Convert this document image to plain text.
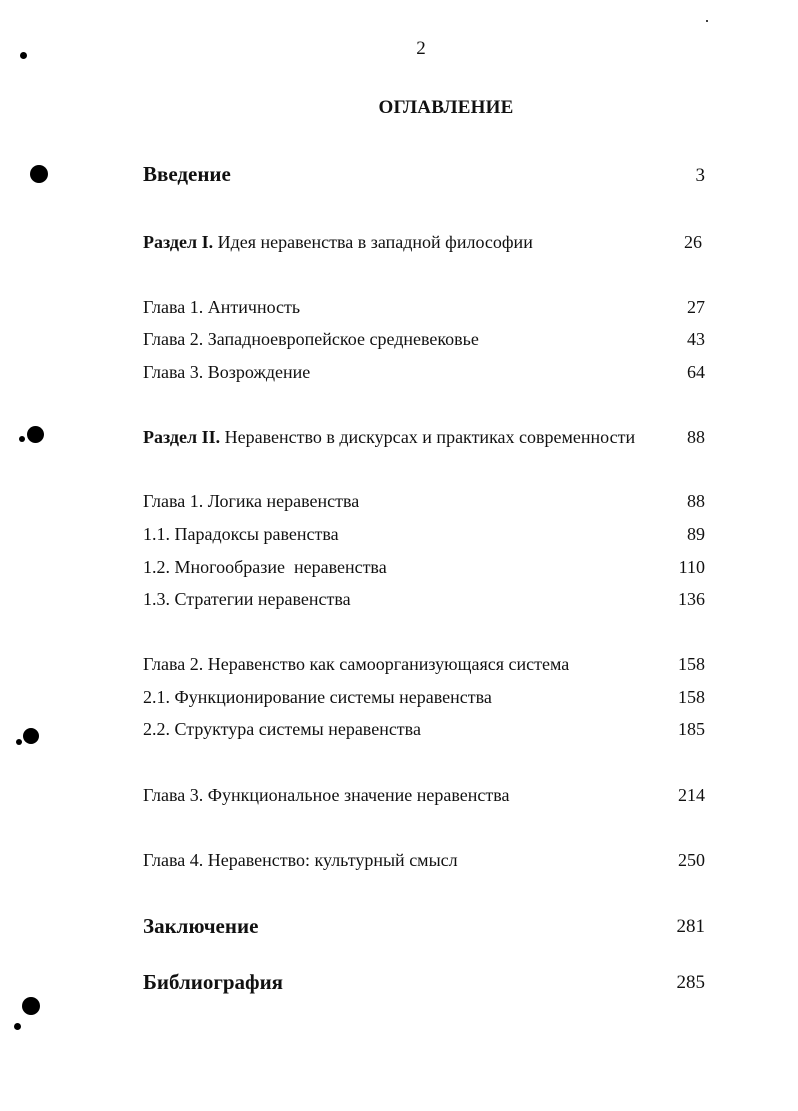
2
ОГЛАВЛЕНИЕ
Введение	3
Раздел I. Идея неравенства в западной философии	26
Глава 1. Античность	27
Глава 2. Западноевропейское средневековье	43
Глава 3. Возрождение	64
Раздел II. Неравенство в дискурсах и практиках современности	88
Глава 1. Логика неравенства	88
1.1. Парадоксы равенства	89
1.2. Многообразие  неравенства	110
1.3. Стратегии неравенства	136
Глава 2. Неравенство как самоорганизующаяся система	158
2.1. Функционирование системы неравенства	158
2.2. Структура системы неравенства	185
Глава 3. Функциональное значение неравенства	214
Глава 4. Неравенство: культурный смысл	250
Заключение	281
Библиография	285
